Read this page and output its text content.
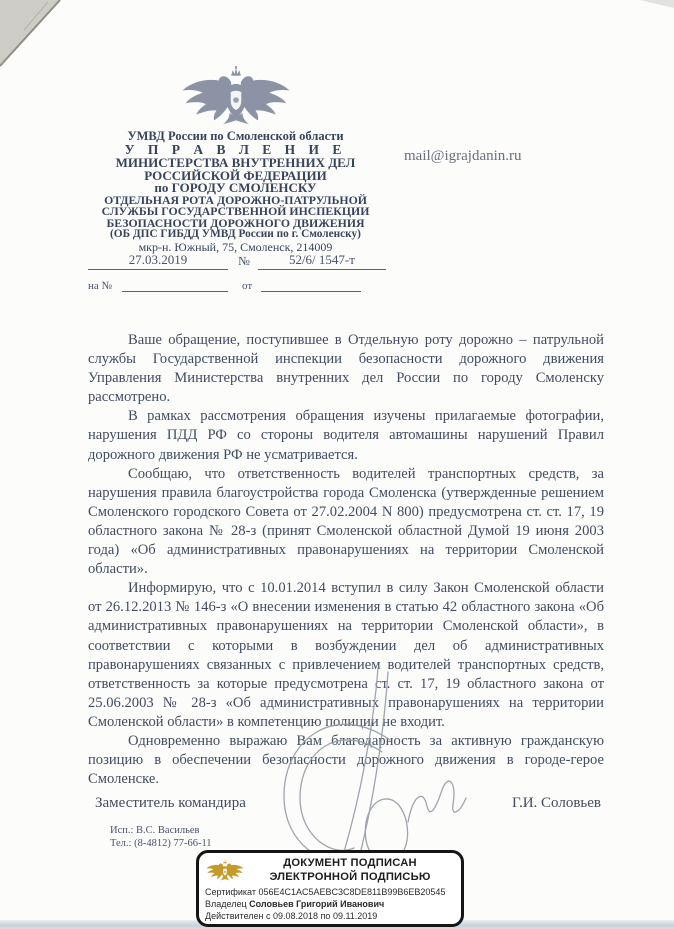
УМВД России по Смоленской области
У П Р А В Л Е Н И Е
МИНИСТЕРСТВА ВНУТРЕННИХ ДЕЛ
РОССИЙСКОЙ ФЕДЕРАЦИИ
по ГОРОДУ СМОЛЕНСКУ
ОТДЕЛЬНАЯ РОТА ДОРОЖНО-ПАТРУЛЬНОЙ
СЛУЖБЫ ГОСУДАРСТВЕННОЙ ИНСПЕКЦИИ
БЕЗОПАСНОСТИ ДОРОЖНОГО ДВИЖЕНИЯ
(ОБ ДПС ГИБДД УМВД России по г. Смоленску)
мкр-н. Южный, 75, Смоленск, 214009
mail@igrajdanin.ru
27.03.2019	№	52/6/ 1547-т
на №	от

Ваше обращение, поступившее в Отдельную роту дорожно – патрульной службы Государственной инспекции безопасности дорожного движения Управления Министерства внутренних дел России по городу Смоленску рассмотрено.

В рамках рассмотрения обращения изучены прилагаемые фотографии, нарушения ПДД РФ со стороны водителя автомашины нарушений Правил дорожного движения РФ не усматривается.

Сообщаю, что ответственность водителей транспортных средств, за нарушения правила благоустройства города Смоленска (утвержденные решением Смоленского городского Совета от 27.02.2004 N 800) предусмотрена ст. ст. 17, 19 областного закона № 28-з (принят Смоленской областной Думой 19 июня 2003 года) «Об административных правонарушениях на территории Смоленской области».

Информирую, что с 10.01.2014 вступил в силу Закон Смоленской области от 26.12.2013 № 146-з «О внесении изменения в статью 42 областного закона «Об административных правонарушениях на территории Смоленской области», в соответствии с которыми в возбуждении дел об административных правонарушениях связанных с привлечением водителей транспортных средств, ответственность за которые предусмотрена ст. ст. 17, 19 областного закона от 25.06.2003 № 28-з «Об административных правонарушениях на территории Смоленской области» в компетенцию полиции не входит.

Одновременно выражаю Вам благодарность за активную гражданскую позицию в обеспечении безопасности дорожного движения в городе-герое Смоленске.

Заместитель командира	Г.И. Соловьев
Исп.: В.С. Васильев
Тел.: (8-4812) 77-66-11
ДОКУМЕНТ ПОДПИСАН
ЭЛЕКТРОННОЙ ПОДПИСЬЮ
Сертификат 056E4C1AC5AEBC3C8DE811B99B6EB20545
Владелец Соловьев Григорий Иванович
Действителен с 09.08.2018 по 09.11.2019
